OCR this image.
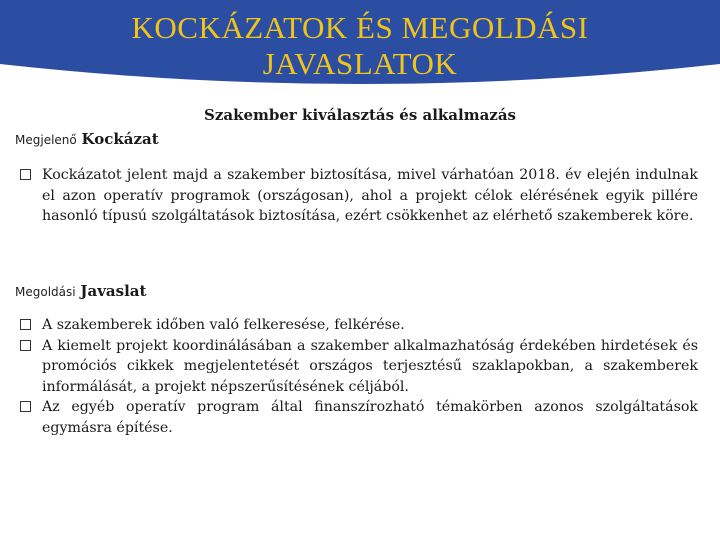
KOCKÁZATOK ÉS MEGOLDÁSI
JAVASLATOK
Szakember kiválasztás és alkalmazás
Megjelenő Kockázat
Kockázatot jelent majd a szakember biztosítása, mivel várhatóan 2018. év elején indulnak el azon operatív programok (országosan), ahol a projekt célok elérésének egyik pillére hasonló típusú szolgáltatások biztosítása, ezért csökkenhet az elérhető szakemberek köre.
Megoldási Javaslat
A szakemberek időben való felkeresése, felkérése.
A kiemelt projekt koordinálásában a szakember alkalmazhatóság érdekében hirdetések és promóciós cikkek megjelentetését országos terjesztésű szaklapokban, a szakemberek informálását, a projekt népszerűsítésének céljából.
Az egyéb operatív program által finanszírozható témakörben azonos szolgáltatások egymásra építése.
